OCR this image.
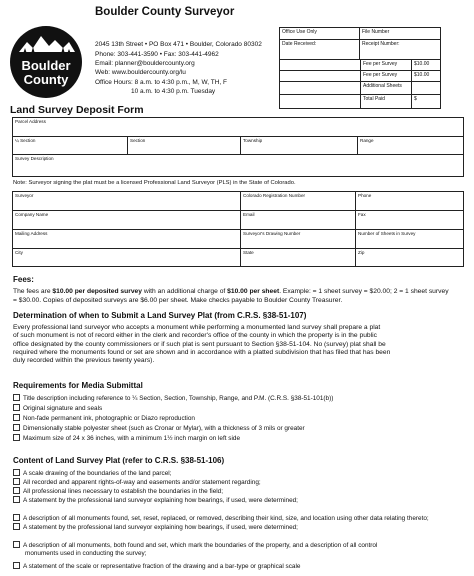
Boulder
County
Boulder County Surveyor
2045 13th Street • PO Box 471 • Boulder, Colorado 80302
Phone: 303-441-3590 • Fax: 303-441-4962
Email: planner@bouldercounty.org
Web: www.bouldercounty.org/lu
Office Hours: 8 a.m. to 4:30 p.m., M, W, TH, F
10 a.m. to 4:30 p.m. Tuesday
Office Use Only	File Number
Date Received:	Receipt Number:
Fee per Survey	$10.00
Fee per Survey	$10.00
Additional Sheets
Total Paid	$
Land Survey Deposit Form
Parcel Address
¼ Section	Section	Township	Range
Survey Description
Note: Surveyor signing the plat must be a licensed Professional Land Surveyor (PLS) in the State of Colorado.
Surveyor	Colorado Registration Number	Phone
Company Name	Email	Fax
Mailing Address	Surveyor's Drawing Number	Number of Sheets in Survey
City	State	Zip
Fees:
The fees are $10.00 per deposited survey with an additional charge of $10.00 per sheet. Example: = 1 sheet survey = $20.00; 2 = 1 sheet survey
= $30.00. Copies of deposited surveys are $6.00 per sheet. Make checks payable to Boulder County Treasurer.
Determination of when to Submit a Land Survey Plat (from C.R.S. §38-51-107)
Every professional land surveyor who accepts a monument while performing a monumented land survey shall prepare a plat
of such monument is not of record either in the clerk and recorder's office of the county in which the property is in the public
office designated by the county commissioners or if such plat is sent pursuant to Section §38-51-104. No (survey) plat shall be
required where the monuments found or set are shown and in accordance with a platted subdivision that has filed that has been
duly recorded within the previous twenty years).
Requirements for Media Submittal
Title description including reference to ¼ Section, Section, Township, Range, and P.M. (C.R.S. §38-51-101(b))
Original signature and seals
Non-fade permanent ink, photographic or Diazo reproduction
Dimensionally stable polyester sheet (such as Cronar or Mylar), with a thickness of 3 mils or greater
Maximum size of 24 x 36 inches, with a minimum 1½ inch margin on left side
Content of Land Survey Plat (refer to C.R.S. §38-51-106)
A scale drawing of the boundaries of the land parcel;
All recorded and apparent rights-of-way and easements and/or statement regarding;
All professional lines necessary to establish the boundaries in the field;
A statement by the professional land surveyor explaining how bearings, if used, were determined;
A description of all monuments found, set, reset, replaced, or removed, describing their kind, size, and location using other data relating thereto;
A statement by the professional land surveyor explaining how bearings, if used, were determined;
A description of all monuments, both found and set, which mark the boundaries of the property, and a description of all control
monuments used in conducting the survey;
A statement of the scale or representative fraction of the drawing and a bar-type or graphical scale
